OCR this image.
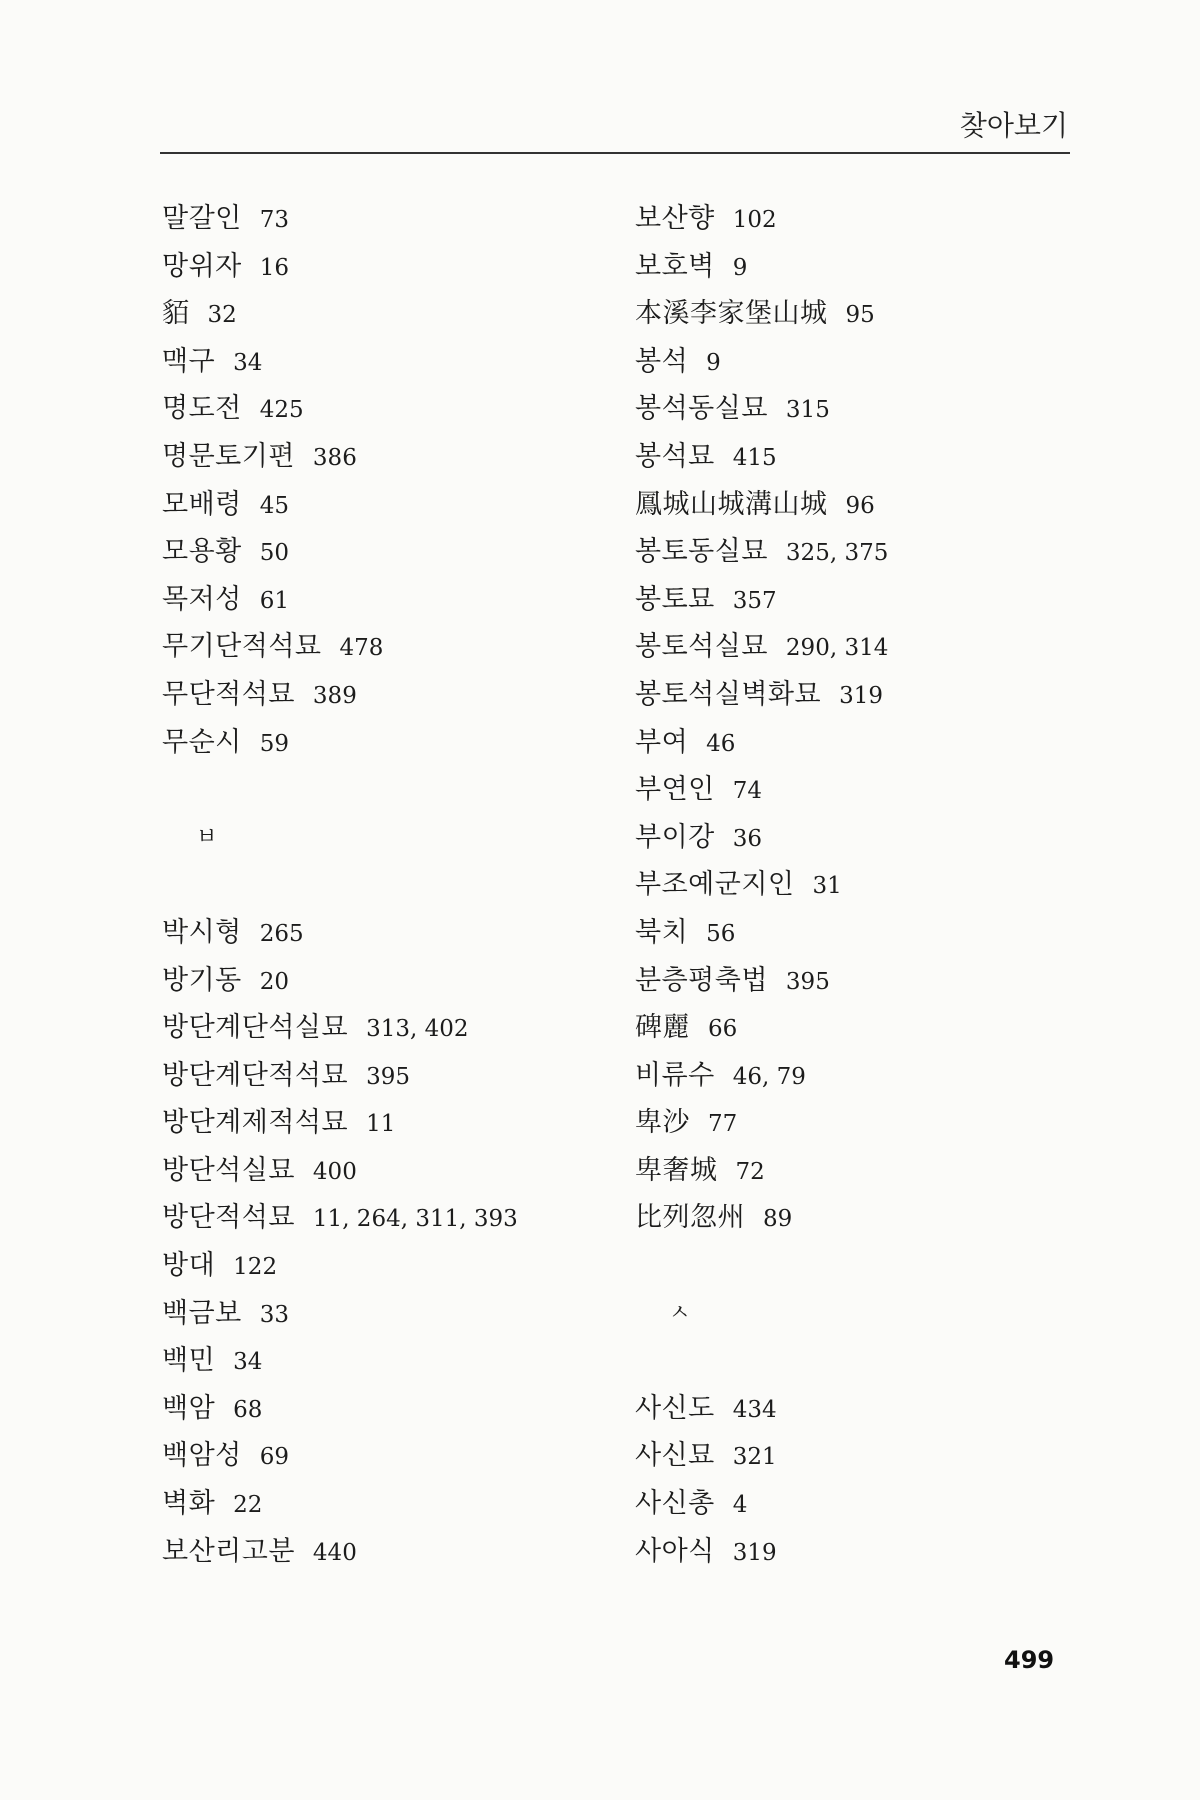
찾아보기
말갈인 73
망위자 16
貊 32
맥구 34
명도전 425
명문토기편 386
모배령 45
모용황 50
목저성 61
무기단적석묘 478
무단적석묘 389
무순시 59

ㅂ

박시형 265
방기동 20
방단계단석실묘 313, 402
방단계단적석묘 395
방단계제적석묘 11
방단석실묘 400
방단적석묘 11, 264, 311, 393
방대 122
백금보 33
백민 34
백암 68
백암성 69
벽화 22
보산리고분 440
보산향 102
보호벽 9
本溪李家堡山城 95
봉석 9
봉석동실묘 315
봉석묘 415
鳳城山城溝山城 96
봉토동실묘 325, 375
봉토묘 357
봉토석실묘 290, 314
봉토석실벽화묘 319
부여 46
부연인 74
부이강 36
부조예군지인 31
북치 56
분층평축법 395
碑麗 66
비류수 46, 79
卑沙 77
卑奢城 72
比列忽州 89

ㅅ

사신도 434
사신묘 321
사신총 4
사아식 319
499
